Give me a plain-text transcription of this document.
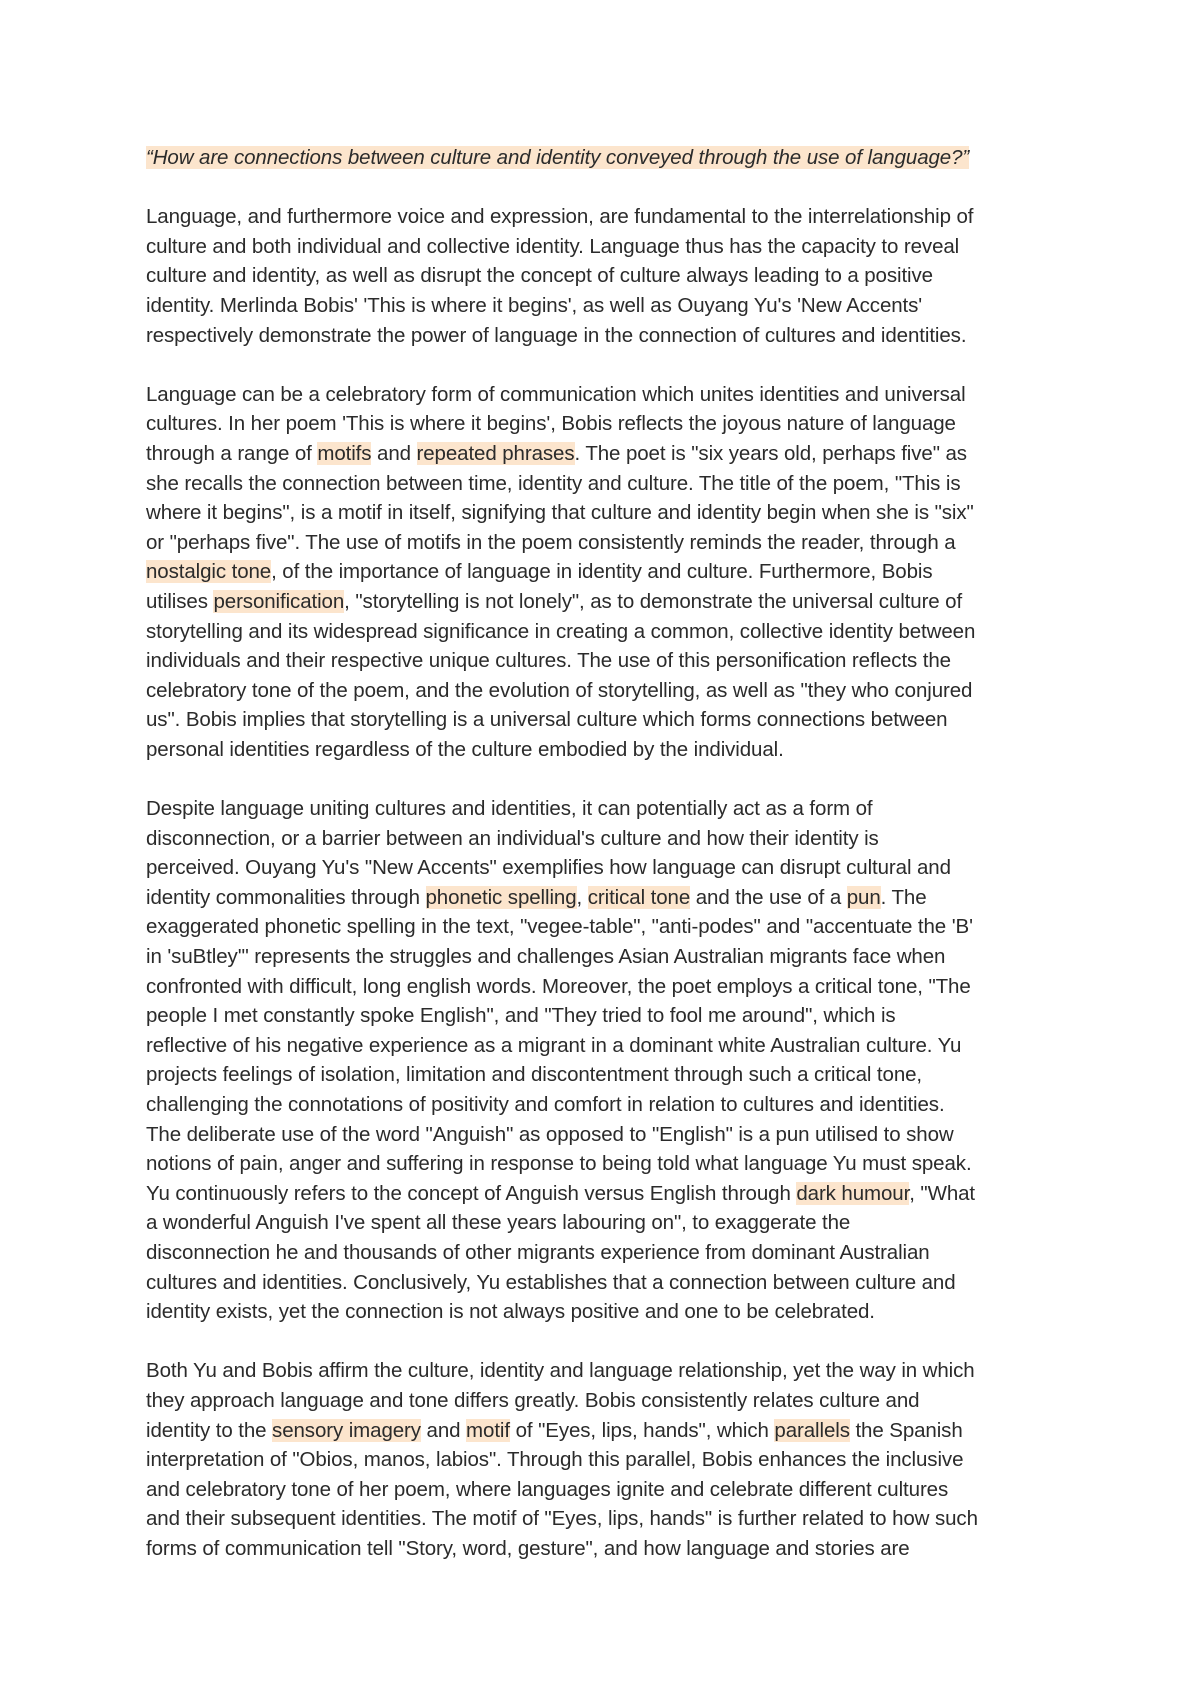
“How are connections between culture and identity conveyed through the use of language?”

Language, and furthermore voice and expression, are fundamental to the interrelationship of
culture and both individual and collective identity. Language thus has the capacity to reveal
culture and identity, as well as disrupt the concept of culture always leading to a positive
identity. Merlinda Bobis' 'This is where it begins', as well as Ouyang Yu's 'New Accents'
respectively demonstrate the power of language in the connection of cultures and identities.

Language can be a celebratory form of communication which unites identities and universal
cultures. In her poem 'This is where it begins', Bobis reflects the joyous nature of language
through a range of motifs and repeated phrases. The poet is "six years old, perhaps five" as
she recalls the connection between time, identity and culture. The title of the poem, "This is
where it begins", is a motif in itself, signifying that culture and identity begin when she is "six"
or "perhaps five". The use of motifs in the poem consistently reminds the reader, through a
nostalgic tone, of the importance of language in identity and culture. Furthermore, Bobis
utilises personification, "storytelling is not lonely", as to demonstrate the universal culture of
storytelling and its widespread significance in creating a common, collective identity between
individuals and their respective unique cultures. The use of this personification reflects the
celebratory tone of the poem, and the evolution of storytelling, as well as "they who conjured
us". Bobis implies that storytelling is a universal culture which forms connections between
personal identities regardless of the culture embodied by the individual.

Despite language uniting cultures and identities, it can potentially act as a form of
disconnection, or a barrier between an individual's culture and how their identity is
perceived. Ouyang Yu's "New Accents" exemplifies how language can disrupt cultural and
identity commonalities through phonetic spelling, critical tone and the use of a pun. The
exaggerated phonetic spelling in the text, "vegee-table", "anti-podes" and "accentuate the 'B'
in 'suBtley'" represents the struggles and challenges Asian Australian migrants face when
confronted with difficult, long english words. Moreover, the poet employs a critical tone, "The
people I met constantly spoke English", and "They tried to fool me around", which is
reflective of his negative experience as a migrant in a dominant white Australian culture. Yu
projects feelings of isolation, limitation and discontentment through such a critical tone,
challenging the connotations of positivity and comfort in relation to cultures and identities.
The deliberate use of the word "Anguish" as opposed to "English" is a pun utilised to show
notions of pain, anger and suffering in response to being told what language Yu must speak.
Yu continuously refers to the concept of Anguish versus English through dark humour, "What
a wonderful Anguish I've spent all these years labouring on", to exaggerate the
disconnection he and thousands of other migrants experience from dominant Australian
cultures and identities. Conclusively, Yu establishes that a connection between culture and
identity exists, yet the connection is not always positive and one to be celebrated.

Both Yu and Bobis affirm the culture, identity and language relationship, yet the way in which
they approach language and tone differs greatly. Bobis consistently relates culture and
identity to the sensory imagery and motif of "Eyes, lips, hands", which parallels the Spanish
interpretation of "Obios, manos, labios". Through this parallel, Bobis enhances the inclusive
and celebratory tone of her poem, where languages ignite and celebrate different cultures
and their subsequent identities. The motif of "Eyes, lips, hands" is further related to how such
forms of communication tell "Story, word, gesture", and how language and stories are
